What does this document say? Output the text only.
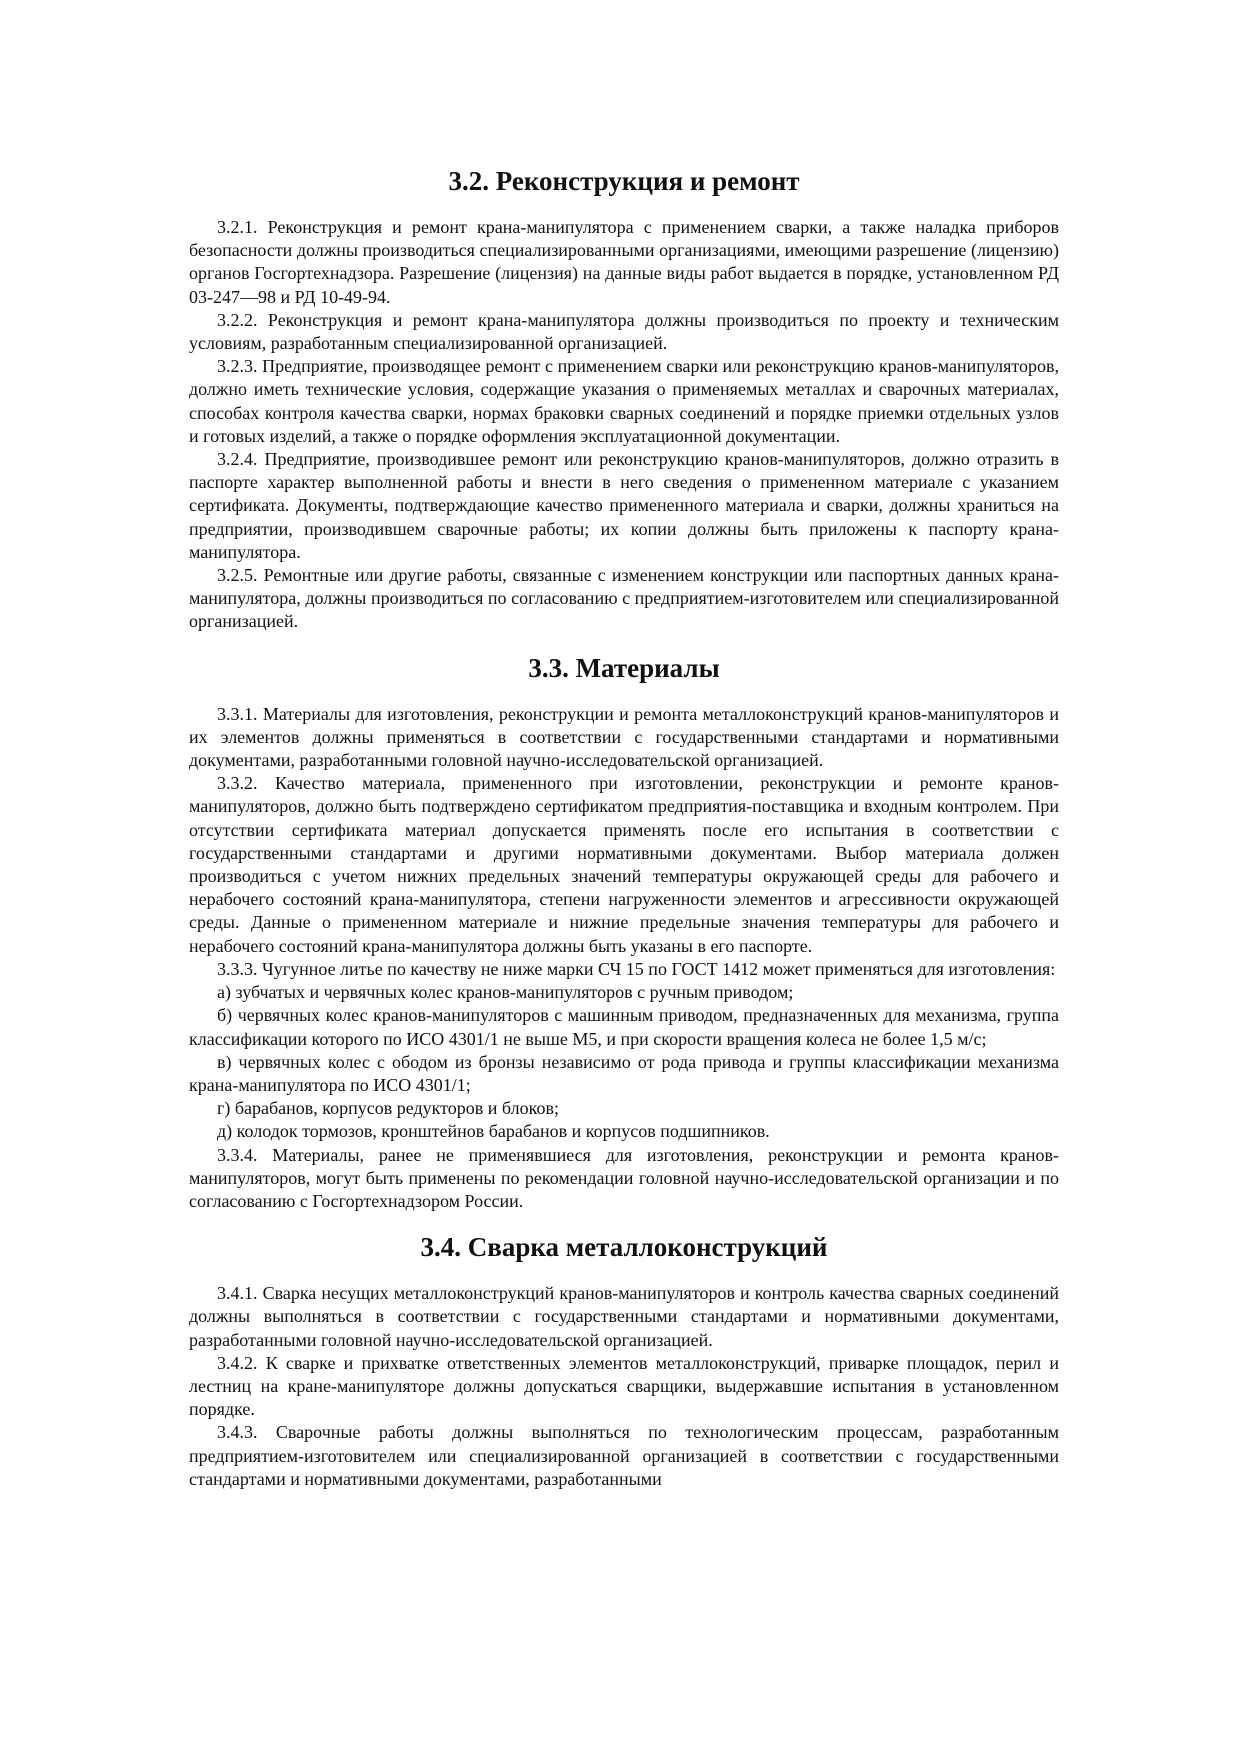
3.2. Реконструкция и ремонт

3.2.1. Реконструкция и ремонт крана-манипулятора с применением сварки, а также наладка приборов безопасности должны производиться специализированными организациями, имеющими разрешение (лицензию) органов Госгортехнадзора. Разрешение (лицензия) на данные виды работ выдается в порядке, установленном РД 03-247—98 и РД 10-49-94.

3.2.2. Реконструкция и ремонт крана-манипулятора должны производиться по проекту и техническим условиям, разработанным специализированной организацией.

3.2.3. Предприятие, производящее ремонт с применением сварки или реконструкцию кранов-манипуляторов, должно иметь технические условия, содержащие указания о применяемых металлах и сварочных материалах, способах контроля качества сварки, нормах браковки сварных соединений и порядке приемки отдельных узлов и готовых изделий, а также о порядке оформления эксплуатационной документации.

3.2.4. Предприятие, производившее ремонт или реконструкцию кранов-манипуляторов, должно отразить в паспорте характер выполненной работы и внести в него сведения о примененном материале с указанием сертификата. Документы, подтверждающие качество примененного материала и сварки, должны храниться на предприятии, производившем сварочные работы; их копии должны быть приложены к паспорту крана-манипулятора.

3.2.5. Ремонтные или другие работы, связанные с изменением конструкции или паспортных данных крана-манипулятора, должны производиться по согласованию с предприятием-изготовителем или специализированной организацией.

3.3. Материалы

3.3.1. Материалы для изготовления, реконструкции и ремонта металлоконструкций кранов-манипуляторов и их элементов должны применяться в соответствии с государственными стандартами и нормативными документами, разработанными головной научно-исследовательской организацией.

3.3.2. Качество материала, примененного при изготовлении, реконструкции и ремонте кранов-манипуляторов, должно быть подтверждено сертификатом предприятия-поставщика и входным контролем. При отсутствии сертификата материал допускается применять после его испытания в соответствии с государственными стандартами и другими нормативными документами. Выбор материала должен производиться с учетом нижних предельных значений температуры окружающей среды для рабочего и нерабочего состояний крана-манипулятора, степени нагруженности элементов и агрессивности окружающей среды. Данные о примененном материале и нижние предельные значения температуры для рабочего и нерабочего состояний крана-манипулятора должны быть указаны в его паспорте.

3.3.3. Чугунное литье по качеству не ниже марки СЧ 15 по ГОСТ 1412 может применяться для изготовления:

а) зубчатых и червячных колес кранов-манипуляторов с ручным приводом;

б) червячных колес кранов-манипуляторов с машинным приводом, предназначенных для механизма, группа классификации которого по ИСО 4301/1 не выше М5, и при скорости вращения колеса не более 1,5 м/с;

в) червячных колес с ободом из бронзы независимо от рода привода и группы классификации механизма крана-манипулятора по ИСО 4301/1;

г) барабанов, корпусов редукторов и блоков;

д) колодок тормозов, кронштейнов барабанов и корпусов подшипников.

3.3.4. Материалы, ранее не применявшиеся для изготовления, реконструкции и ремонта кранов-манипуляторов, могут быть применены по рекомендации головной научно-исследовательской организации и по согласованию с Госгортехнадзором России.

3.4. Сварка металлоконструкций

3.4.1. Сварка несущих металлоконструкций кранов-манипуляторов и контроль качества сварных соединений должны выполняться в соответствии с государственными стандартами и нормативными документами, разработанными головной научно-исследовательской организацией.

3.4.2. К сварке и прихватке ответственных элементов металлоконструкций, приварке площадок, перил и лестниц на кране-манипуляторе должны допускаться сварщики, выдержавшие испытания в установленном порядке.

3.4.3. Сварочные работы должны выполняться по технологическим процессам, разработанным предприятием-изготовителем или специализированной организацией в соответствии с государственными стандартами и нормативными документами, разработанными
